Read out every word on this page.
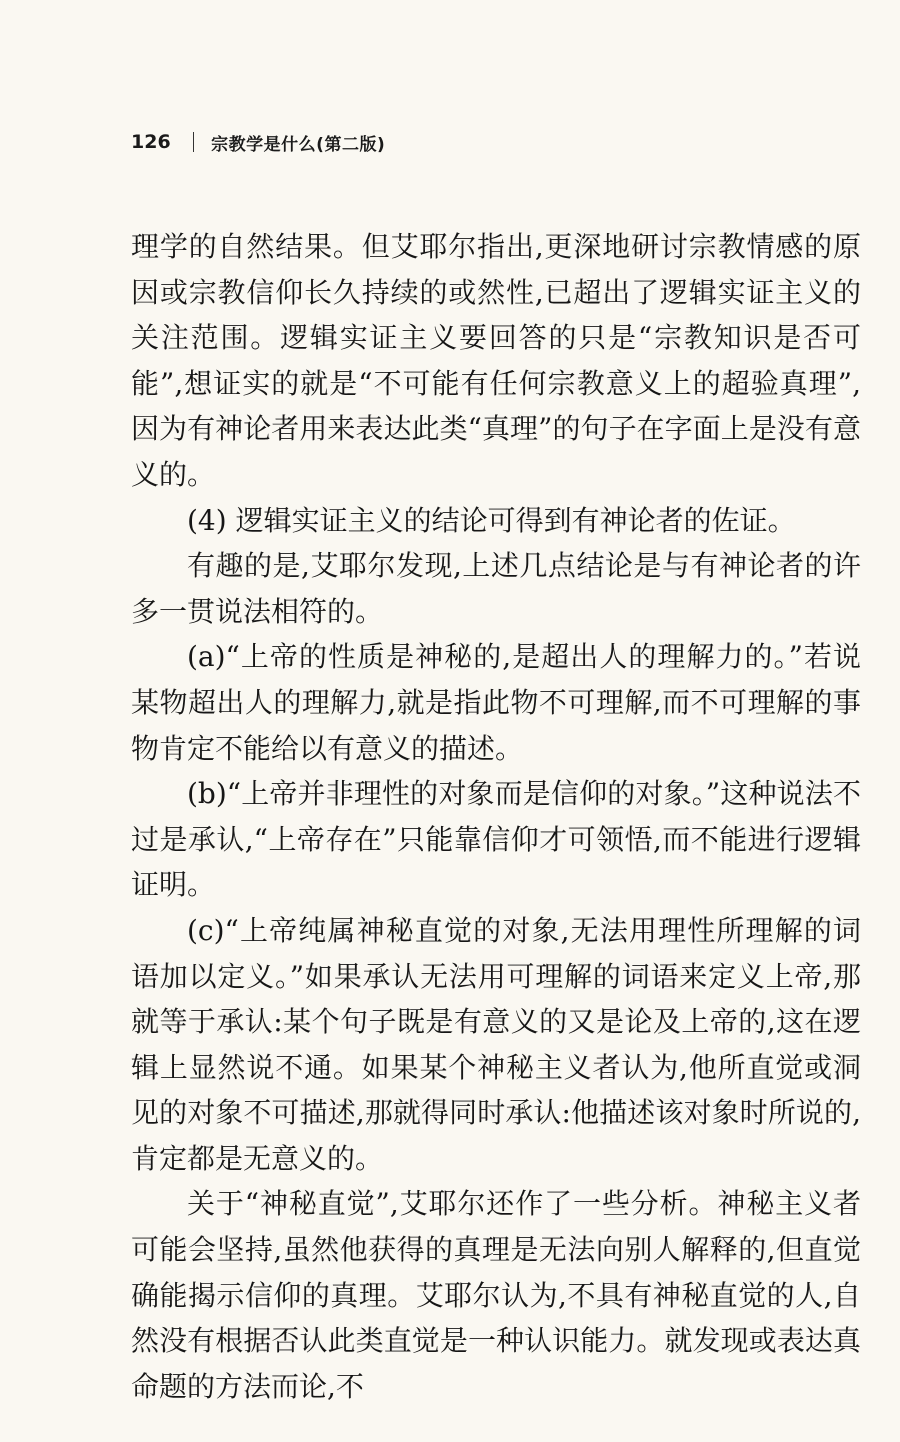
126 宗教学是什么(第二版)

理学的自然结果。但艾耶尔指出,更深地研讨宗教情感的原因或宗教信仰长久持续的或然性,已超出了逻辑实证主义的关注范围。逻辑实证主义要回答的只是“宗教知识是否可能”,想证实的就是“不可能有任何宗教意义上的超验真理”,因为有神论者用来表达此类“真理”的句子在字面上是没有意义的。

(4) 逻辑实证主义的结论可得到有神论者的佐证。

有趣的是,艾耶尔发现,上述几点结论是与有神论者的许多一贯说法相符的。

(a)“上帝的性质是神秘的,是超出人的理解力的。”若说某物超出人的理解力,就是指此物不可理解,而不可理解的事物肯定不能给以有意义的描述。

(b)“上帝并非理性的对象而是信仰的对象。”这种说法不过是承认,“上帝存在”只能靠信仰才可领悟,而不能进行逻辑证明。

(c)“上帝纯属神秘直觉的对象,无法用理性所理解的词语加以定义。”如果承认无法用可理解的词语来定义上帝,那就等于承认:某个句子既是有意义的又是论及上帝的,这在逻辑上显然说不通。如果某个神秘主义者认为,他所直觉或洞见的对象不可描述,那就得同时承认:他描述该对象时所说的,肯定都是无意义的。

关于“神秘直觉”,艾耶尔还作了一些分析。神秘主义者可能会坚持,虽然他获得的真理是无法向别人解释的,但直觉确能揭示信仰的真理。艾耶尔认为,不具有神秘直觉的人,自然没有根据否认此类直觉是一种认识能力。就发现或表达真命题的方法而论,不
